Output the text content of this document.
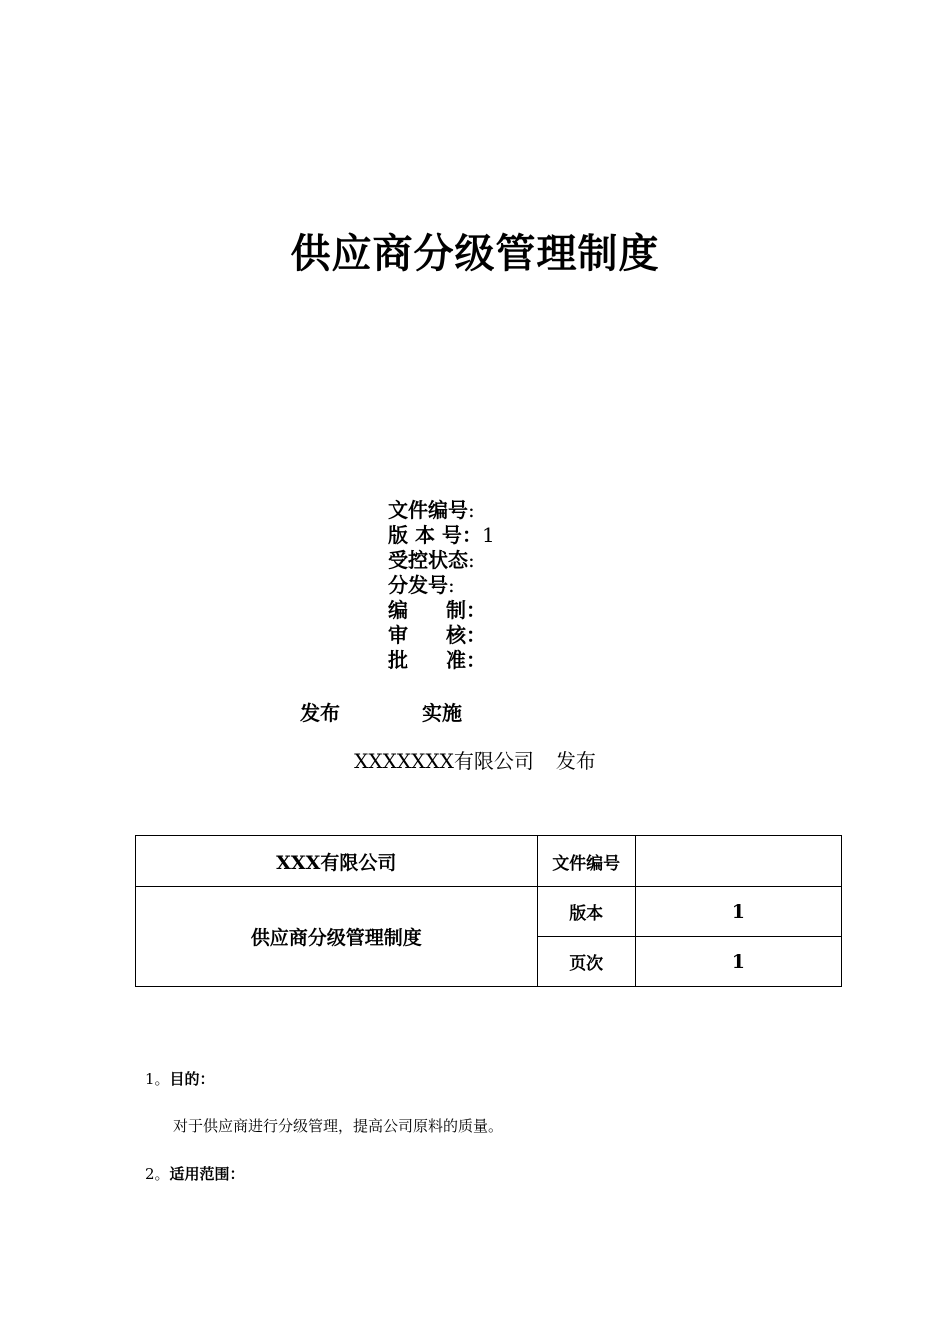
供应商分级管理制度
文件编号 :
版 本 号 ： 1
受控状态 :
分发号 :
编 制：
审 核：
批 准：
发布	实施
XXXXXXX有限公司 发布
XXX有限公司	文件编号	
供应商分级管理制度	版本	1
	页次	1
1。目的：
对于供应商进行分级管理，提高公司原料的质量。
2。适用范围：
